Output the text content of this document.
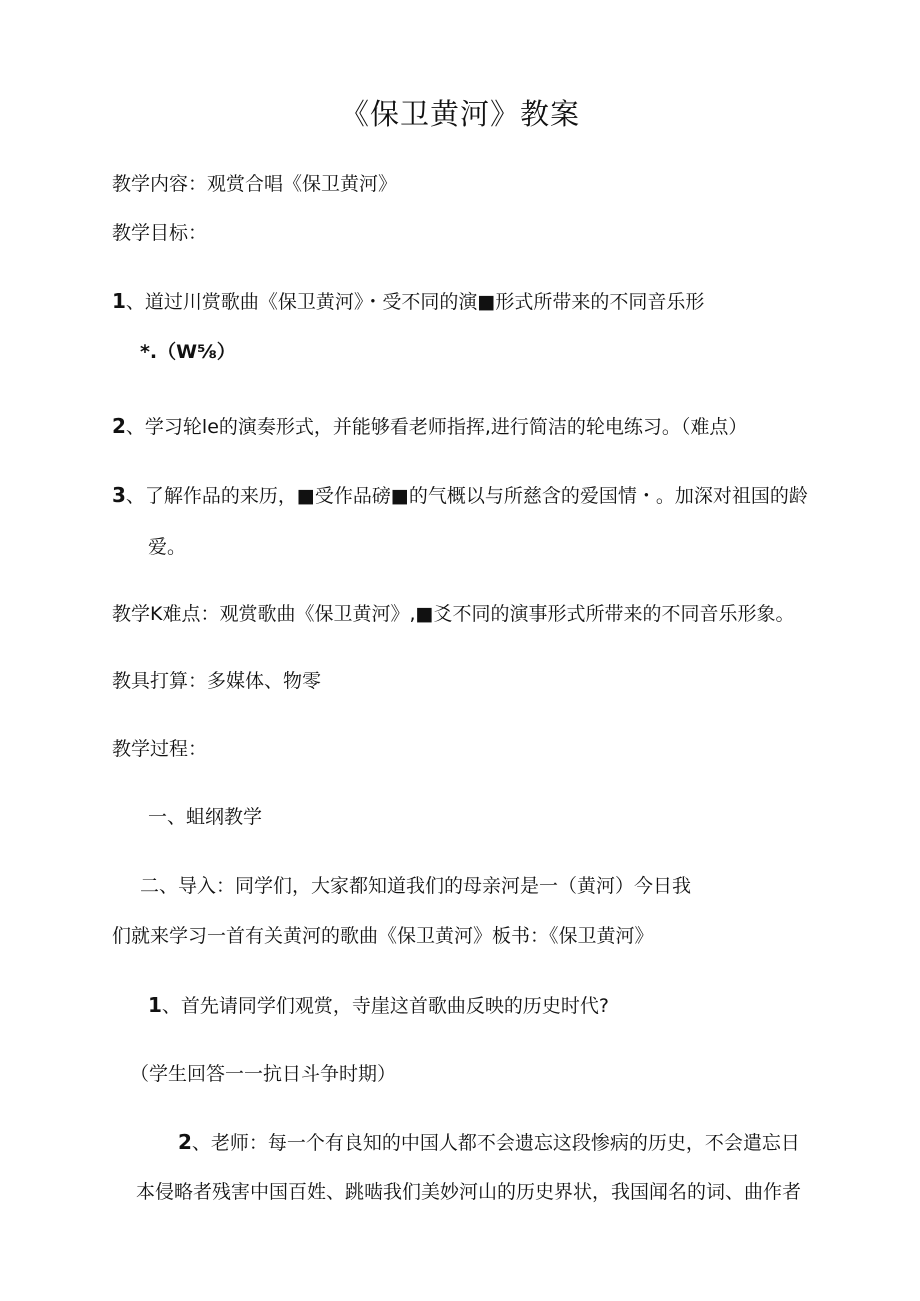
《保卫黄河》教案
教学内容：观赏合唱《保卫黄河》
教学目标：
1、道过川赏歌曲《保卫黄河》・受不同的演■形式所带来的不同音乐形
*.（W⅝）
2、学习轮le的演奏形式，并能够看老师指挥,进行简洁的轮电练习。（难点）
3、了解作品的来历，■受作品磅■的气概以与所慈含的爱国情・。加深对祖国的龄
爱。
教学K难点：观赏歌曲《保卫黄河》,■爻不同的演事形式所带来的不同音乐形象。
教具打算：多媒体、物零
教学过程：
一、蛆纲教学
二、导入：同学们，大家都知道我们的母亲河是一（黄河）今日我
们就来学习一首有关黄河的歌曲《保卫黄河》板书：《保卫黄河》
1、首先请同学们观赏，寺崖这首歌曲反映的历史时代?
（学生回答一一抗日斗争时期）
2、老师：每一个有良知的中国人都不会遗忘这段惨病的历史，不会遣忘日
本侵略者残害中国百姓、跳啮我们美妙河山的历史界状，我国闻名的词、曲作者
